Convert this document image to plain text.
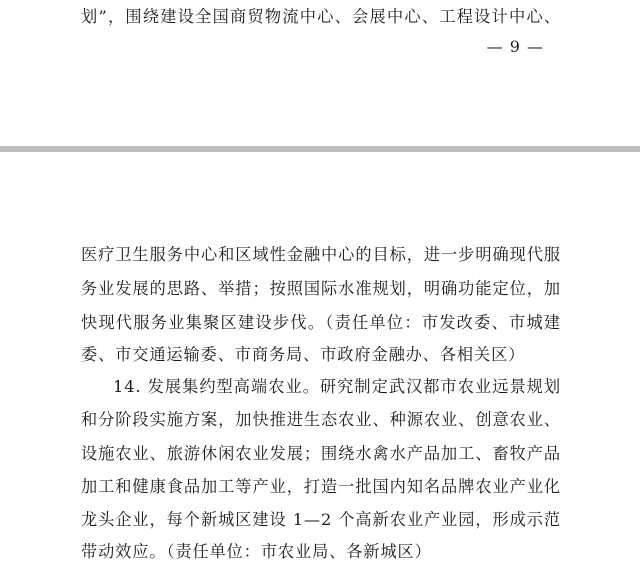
划”，围绕建设全国商贸物流中心、会展中心、工程设计中心、
— 9 —
医疗卫生服务中心和区域性金融中心的目标，进一步明确现代服
务业发展的思路、举措；按照国际水准规划，明确功能定位，加
快现代服务业集聚区建设步伐。（责任单位：市发改委、市城建
委、市交通运输委、市商务局、市政府金融办、各相关区）
14. 发展集约型高端农业。研究制定武汉都市农业远景规划
和分阶段实施方案，加快推进生态农业、种源农业、创意农业、
设施农业、旅游休闲农业发展；围绕水禽水产品加工、畜牧产品
加工和健康食品加工等产业，打造一批国内知名品牌农业产业化
龙头企业，每个新城区建设 1—2 个高新农业产业园，形成示范
带动效应。（责任单位：市农业局、各新城区）
